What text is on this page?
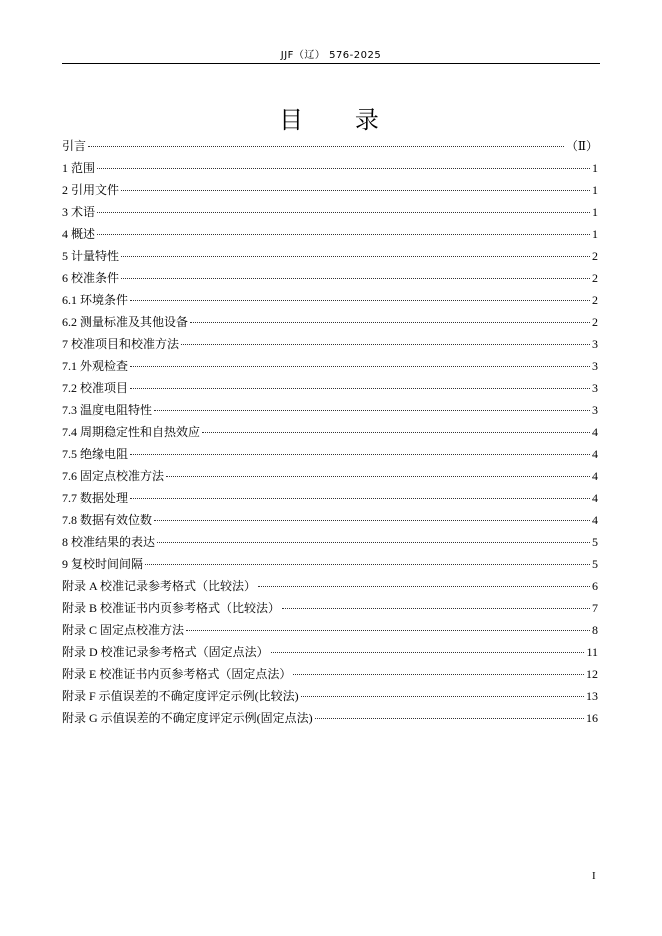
JJF（辽） 576-2025
目 录
引言	（Ⅱ）
1 范围	1
2 引用文件	1
3 术语	1
4 概述	1
5 计量特性	2
6 校准条件	2
6.1 环境条件	2
6.2 测量标准及其他设备	2
7 校准项目和校准方法	3
7.1 外观检查	3
7.2 校准项目	3
7.3 温度电阻特性	3
7.4 周期稳定性和自热效应	4
7.5 绝缘电阻	4
7.6 固定点校准方法	4
7.7 数据处理	4
7.8 数据有效位数	4
8 校准结果的表达	5
9 复校时间间隔	5
附录 A 校准记录参考格式（比较法）	6
附录 B 校准证书内页参考格式（比较法）	7
附录 C 固定点校准方法	8
附录 D 校准记录参考格式（固定点法）	11
附录 E 校准证书内页参考格式（固定点法）	12
附录 F 示值误差的不确定度评定示例(比较法)	13
附录 G 示值误差的不确定度评定示例(固定点法)	16
I
